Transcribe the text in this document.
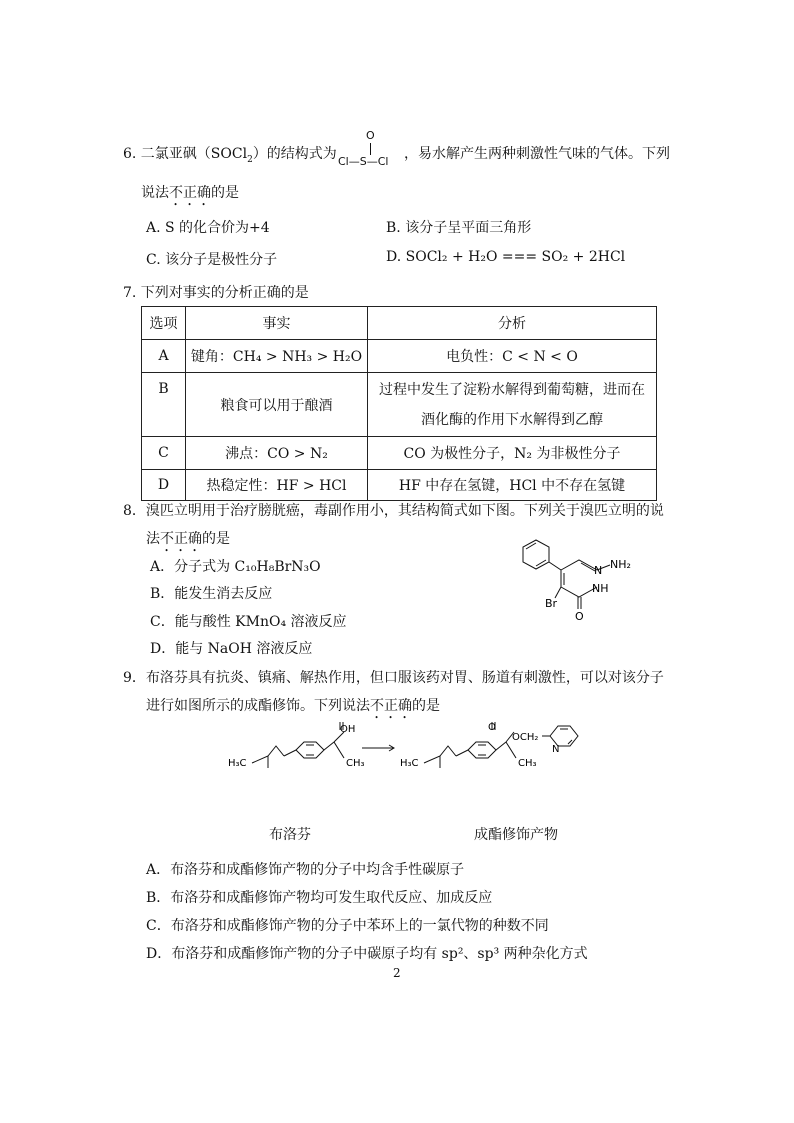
6. 二氯亚砜（SOCl$_2$）的结构式为
O
Cl—S—Cl ，易水解产生两种刺激性气味的气体。下列
说法不正确的是
A. S 的化合价为+4	B. 该分子呈平面三角形
C. 该分子是极性分子	D. SOCl₂ + H₂O === SO₂ + 2HCl
7. 下列对事实的分析正确的是
选项	事实	分析
A	键角：CH₄ > NH₃ > H₂O	电负性：C < N < O
B	粮食可以用于酿酒	过程中发生了淀粉水解得到葡萄糖，进而在
酒化酶的作用下水解得到乙醇
C	沸点：CO > N₂	CO 为极性分子，N₂ 为非极性分子
D	热稳定性：HF > HCl	HF 中存在氢键，HCl 中不存在氢键
8．溴匹立明用于治疗膀胱癌，毒副作用小，其结构简式如下图。下列关于溴匹立明的说
法不正确的是
A．分子式为 C₁₀H₈BrN₃O
B．能发生消去反应
C．能与酸性 KMnO₄ 溶液反应
D．能与 NaOH 溶液反应
N NH₂
NH
Br
O
9．布洛芬具有抗炎、镇痛、解热作用，但口服该药对胃、肠道有刺激性，可以对该分子
进行如图所示的成酯修饰。下列说法不正确的是
OH	O
OCH₂
H₃C	H₃C
CH₃	CH₃
N
布洛芬	成酯修饰产物
A．布洛芬和成酯修饰产物的分子中均含手性碳原子
B．布洛芬和成酯修饰产物均可发生取代反应、加成反应
C．布洛芬和成酯修饰产物的分子中苯环上的一氯代物的种数不同
D．布洛芬和成酯修饰产物的分子中碳原子均有 sp²、sp³ 两种杂化方式
2
